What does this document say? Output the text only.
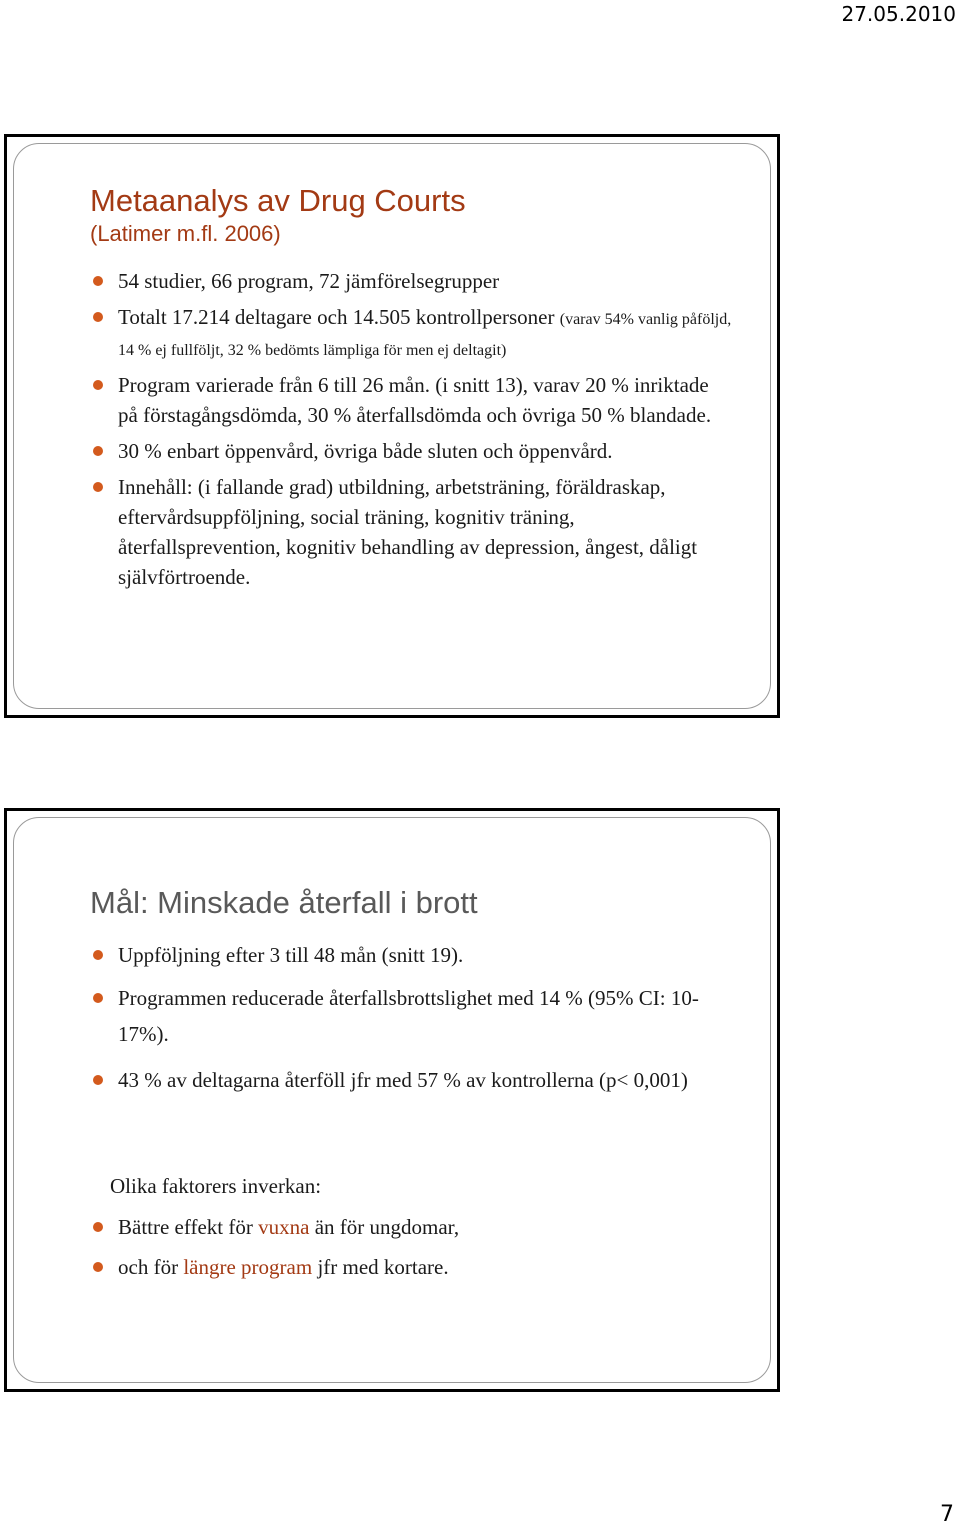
27.05.2010
Metaanalys av Drug Courts
(Latimer m.fl. 2006)
54 studier, 66 program, 72 jämförelsegrupper
Totalt 17.214 deltagare och 14.505 kontrollpersoner (varav 54% vanlig påföljd, 14 % ej fullföljt, 32 % bedömts lämpliga för men ej deltagit)
Program varierade från 6 till 26 mån. (i snitt 13), varav 20 % inriktade på förstagångsdömda, 30 % återfallsdömda och övriga 50 % blandade.
30 % enbart öppenvård, övriga både sluten och öppenvård.
Innehåll: (i fallande grad) utbildning, arbetsträning, föräldraskap, eftervårdsuppföljning, social träning, kognitiv träning, återfallsprevention, kognitiv behandling av depression, ångest, dåligt självförtroende.
Mål: Minskade återfall i brott
Uppföljning efter 3 till 48 mån (snitt 19).
Programmen reducerade återfallsbrottslighet med 14 % (95% CI: 10-17%).
43 % av deltagarna återföll jfr med 57 % av kontrollerna (p< 0,001)
Olika faktorers inverkan:
Bättre effekt för vuxna än för ungdomar,
och för längre program jfr med kortare.
7
